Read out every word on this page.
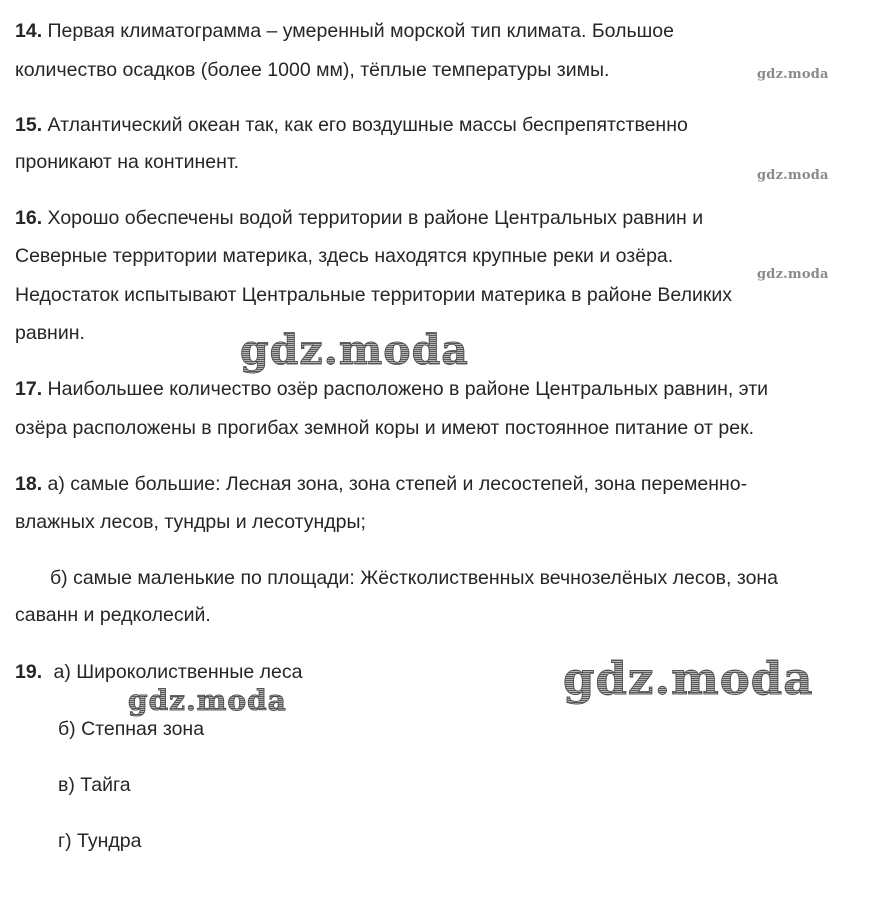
14. Первая климатограмма – умеренный морской тип климата. Большое
количество осадков (более 1000 мм), тёплые температуры зимы.	gdz.moda
15. Атлантический океан так, как его воздушные массы беспрепятственно
проникают на континент.
gdz.moda
16. Хорошо обеспечены водой территории в районе Центральных равнин и
Северные территории материка, здесь находятся крупные реки и озёра.
gdz.moda
Недостаток испытывают Центральные территории материка в районе Великих
равнин.	gdz.moda
17. Наибольшее количество озёр расположено в районе Центральных равнин, эти
озёра расположены в прогибах земной коры и имеют постоянное питание от рек.
18. а) самые большие: Лесная зона, зона степей и лесостепей, зона переменно-
влажных лесов, тундры и лесотундры;
б) самые маленькие по площади: Жёстколиственных вечнозелёных лесов, зона
саванн и редколесий.
19. а) Широколиственные леса	gdz.moda
gdz.moda
б) Степная зона
в) Тайга
г) Тундра
